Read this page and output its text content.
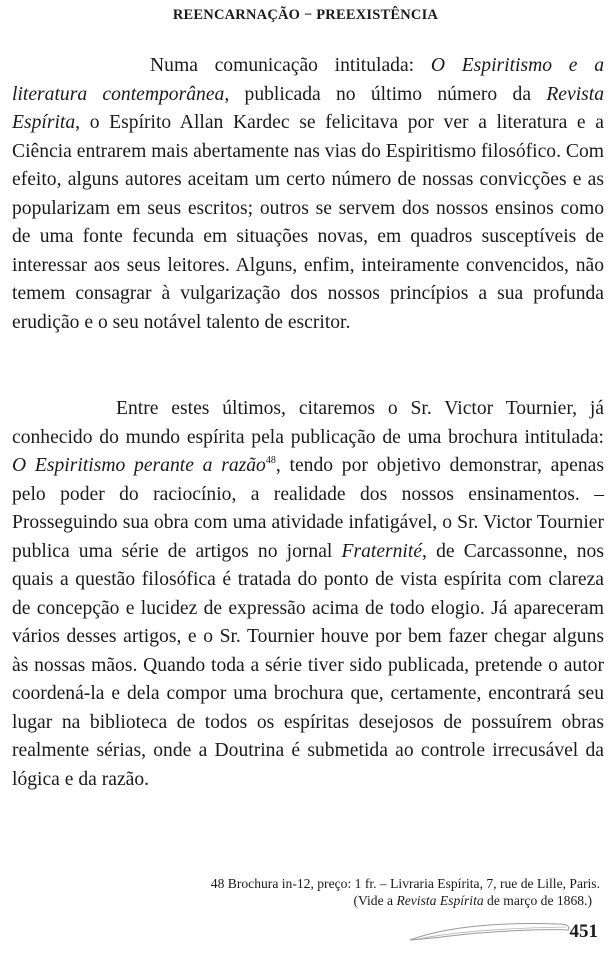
REENCARNAÇÃO − PREEXISTÊNCIA
Numa comunicação intitulada: O Espiritismo e a literatura contemporânea, publicada no último número da Revista Espírita, o Espírito Allan Kardec se felicitava por ver a literatura e a Ciência entrarem mais abertamente nas vias do Espiritismo filosófico. Com efeito, alguns autores aceitam um certo número de nossas convicções e as popularizam em seus escritos; outros se servem dos nossos ensinos como de uma fonte fecunda em situações novas, em quadros susceptíveis de interessar aos seus leitores. Alguns, enfim, inteiramente convencidos, não temem consagrar à vulgarização dos nossos princípios a sua profunda erudição e o seu notável talento de escritor.
Entre estes últimos, citaremos o Sr. Victor Tournier, já conhecido do mundo espírita pela publicação de uma brochura intitulada: O Espiritismo perante a razão$^{48}$, tendo por objetivo demonstrar, apenas pelo poder do raciocínio, a realidade dos nossos ensinamentos. – Prosseguindo sua obra com uma atividade infatigável, o Sr. Victor Tournier publica uma série de artigos no jornal Fraternité, de Carcassonne, nos quais a questão filosófica é tratada do ponto de vista espírita com clareza de concepção e lucidez de expressão acima de todo elogio. Já apareceram vários desses artigos, e o Sr. Tournier houve por bem fazer chegar alguns às nossas mãos. Quando toda a série tiver sido publicada, pretende o autor coordená-la e dela compor uma brochura que, certamente, encontrará seu lugar na biblioteca de todos os espíritas desejosos de possuírem obras realmente sérias, onde a Doutrina é submetida ao controle irrecusável da lógica e da razão.
48 Brochura in-12, preço: 1 fr. – Livraria Espírita, 7, rue de Lille, Paris.
(Vide a Revista Espírita de março de 1868.)
451
